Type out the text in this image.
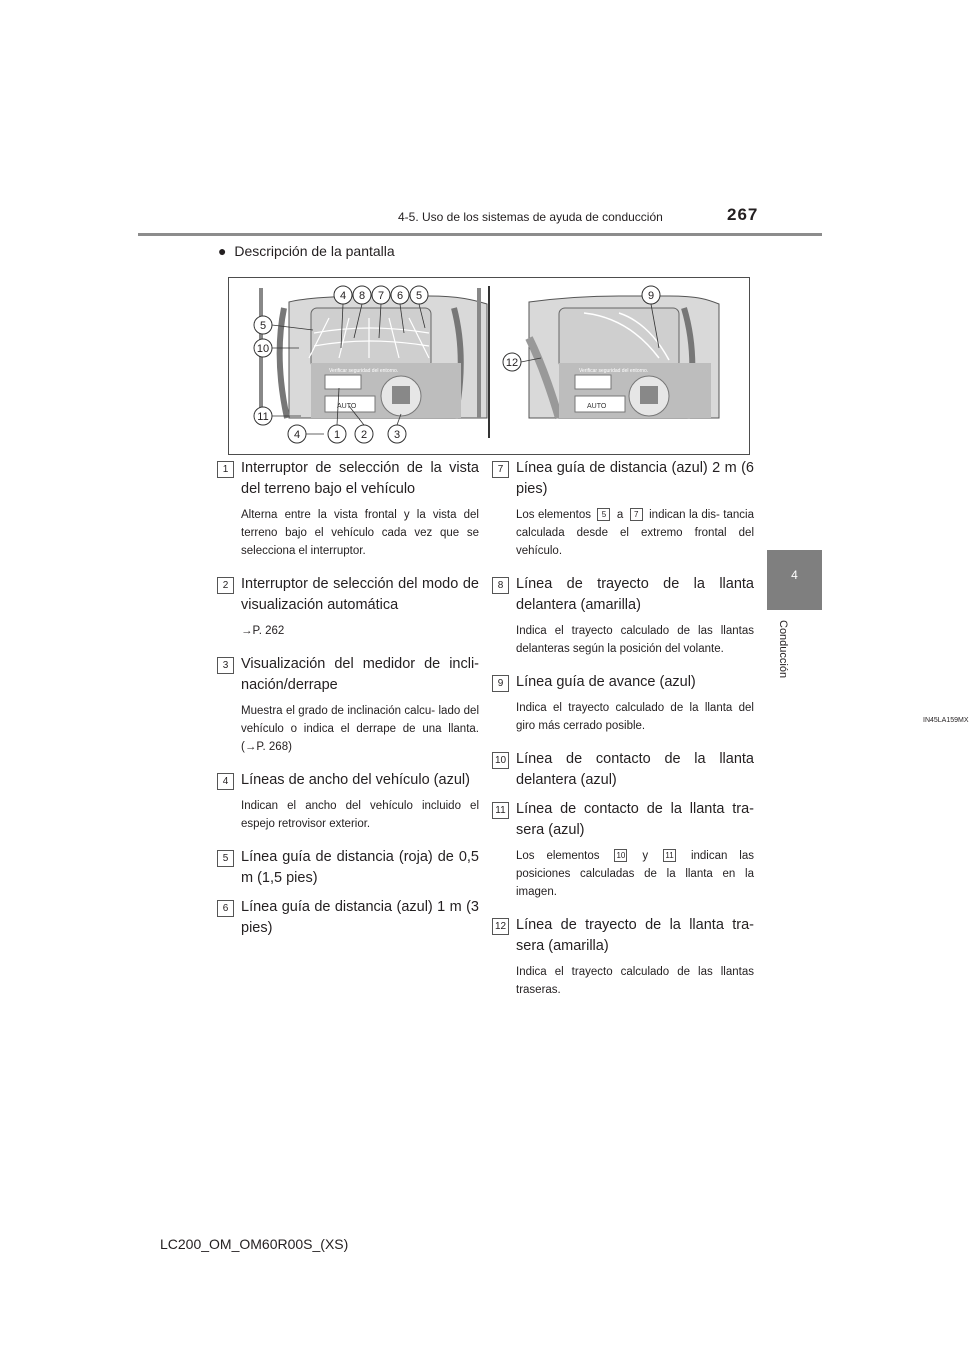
4-5. Uso de los sistemas de ayuda de conducción	267
4
Conducción
● Descripción de la pantalla
Verificar seguridad del entorno.
AUTO
Verificar seguridad del entorno.
AUTO
4 8 7 6 5
5
10
11
4	1 2 3
9
12
IN45LA159MX
1 Interruptor de selección de la vista del terreno bajo el vehículo

Alterna entre la vista frontal y la vista del terreno bajo el vehículo cada vez que se selecciona el interruptor.

2 Interruptor de selección del modo de visualización automática

→P. 262

3 Visualización del medidor de incli- nación/derrape

Muestra el grado de inclinación calcu- lado del vehículo o indica el derrape de una llanta. (→P. 268)

4 Líneas de ancho del vehículo (azul)

Indican el ancho del vehículo incluido el espejo retrovisor exterior.

5 Línea guía de distancia (roja) de 0,5 m (1,5 pies)

6 Línea guía de distancia (azul) 1 m (3 pies)

7 Línea guía de distancia (azul) 2 m (6 pies)

Los elementos 5 a 7 indican la dis- tancia calculada desde el extremo frontal del vehículo.

8 Línea de trayecto de la llanta delantera (amarilla)

Indica el trayecto calculado de las llantas delanteras según la posición del volante.

9 Línea guía de avance (azul)

Indica el trayecto calculado de la llanta del giro más cerrado posible.

10 Línea de contacto de la llanta delantera (azul)

11 Línea de contacto de la llanta tra- sera (azul)

Los elementos 10 y 11 indican las posiciones calculadas de la llanta en la imagen.

12 Línea de trayecto de la llanta tra- sera (amarilla)

Indica el trayecto calculado de las llantas traseras.

LC200_OM_OM60R00S_(XS)
